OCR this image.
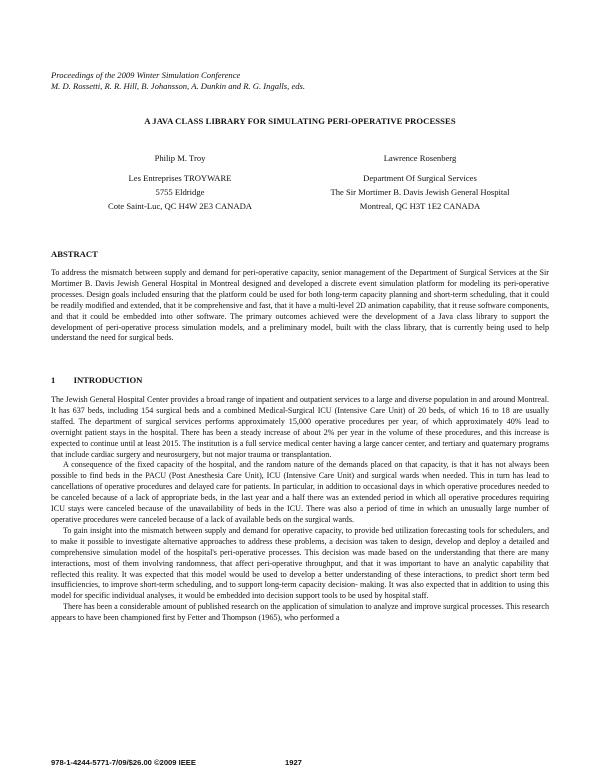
Proceedings of the 2009 Winter Simulation Conference
M. D. Rossetti, R. R. Hill, B. Johansson, A. Dunkin and R. G. Ingalls, eds.
A JAVA CLASS LIBRARY FOR SIMULATING PERI-OPERATIVE PROCESSES
Philip M. Troy
Les Entreprises TROYWARE
5755 Eldridge
Cote Saint-Luc, QC H4W 2E3 CANADA
Lawrence Rosenberg
Department Of Surgical Services
The Sir Mortimer B. Davis Jewish General Hospital
Montreal, QC H3T 1E2 CANADA
ABSTRACT

To address the mismatch between supply and demand for peri-operative capacity, senior management of the Department of Surgical Services at the Sir Mortimer B. Davis Jewish General Hospital in Montreal designed and developed a discrete event simulation platform for modeling its peri-operative processes. Design goals included ensuring that the platform could be used for both long-term capacity planning and short-term scheduling, that it could be readily modified and extended, that it be comprehensive and fast, that it have a multi-level 2D animation capability, that it reuse software components, and that it could be embedded into other software. The primary outcomes achieved were the development of a Java class library to support the development of peri-operative process simulation models, and a preliminary model, built with the class library, that is currently being used to help understand the need for surgical beds.

1 INTRODUCTION

The Jewish General Hospital Center provides a broad range of inpatient and outpatient services to a large and diverse population in and around Montreal. It has 637 beds, including 154 surgical beds and a combined Medical-Surgical ICU (Intensive Care Unit) of 20 beds, of which 16 to 18 are usually staffed. The department of surgical services performs approximately 15,000 operative procedures per year, of which approximately 40% lead to overnight patient stays in the hospital. There has been a steady increase of about 2% per year in the volume of these procedures, and this increase is expected to continue until at least 2015. The institution is a full service medical center having a large cancer center, and tertiary and quaternary programs that include cardiac surgery and neurosurgery, but not major trauma or transplantation.

A consequence of the fixed capacity of the hospital, and the random nature of the demands placed on that capacity, is that it has not always been possible to find beds in the PACU (Post Anesthesia Care Unit), ICU (Intensive Care Unit) and surgical wards when needed. This in turn has lead to cancellations of operative procedures and delayed care for patients. In particular, in addition to occasional days in which operative procedures needed to be canceled because of a lack of appropriate beds, in the last year and a half there was an extended period in which all operative procedures requiring ICU stays were canceled because of the unavailability of beds in the ICU. There was also a period of time in which an unusually large number of operative procedures were canceled because of a lack of available beds on the surgical wards.

To gain insight into the mismatch between supply and demand for operative capacity, to provide bed utilization forecasting tools for schedulers, and to make it possible to investigate alternative approaches to address these problems, a decision was taken to design, develop and deploy a detailed and comprehensive simulation model of the hospital's peri-operative processes. This decision was made based on the understanding that there are many interactions, most of them involving randomness, that affect peri-operative throughput, and that it was important to have an analytic capability that reflected this reality. It was expected that this model would be used to develop a better understanding of these interactions, to predict short term bed insufficiencies, to improve short-term scheduling, and to support long-term capacity decision- making. It was also expected that in addition to using this model for specific individual analyses, it would be embedded into decision support tools to be used by hospital staff.

There has been a considerable amount of published research on the application of simulation to analyze and improve surgical processes. This research appears to have been championed first by Fetter and Thompson (1965), who performed a

978-1-4244-5771-7/09/$26.00 ©2009 IEEE	1927
